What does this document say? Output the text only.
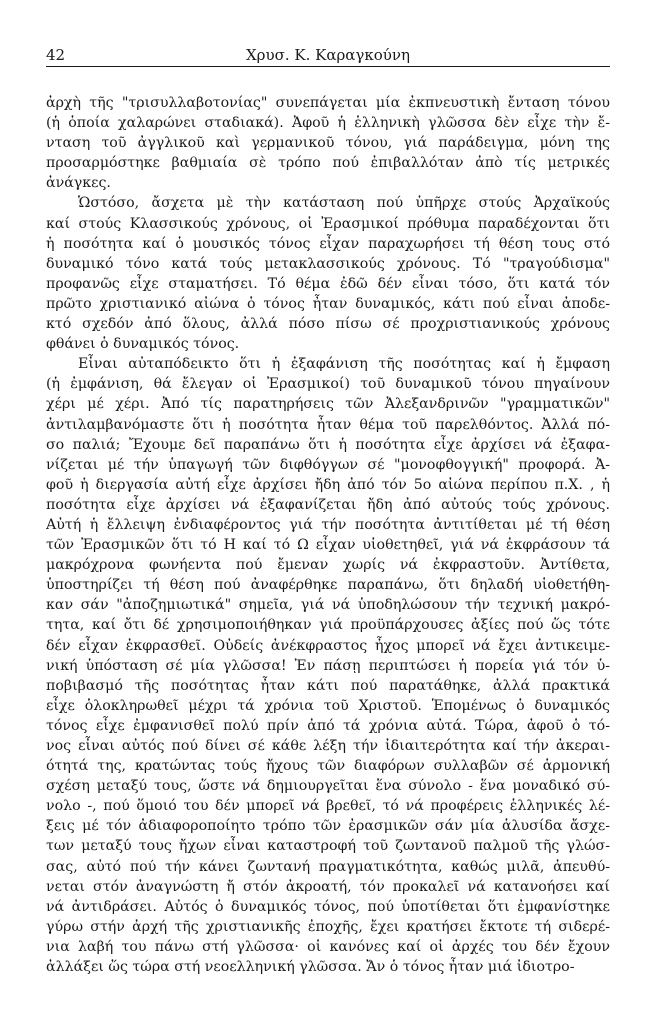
42	Χρυσ. Κ. Καραγκούνη
ἀρχὴ τῆς "τρισυλλαβοτονίας" συνεπάγεται μία ἐκπνευστικὴ ἔνταση τόνου
(ἡ ὁποία χαλαρώνει σταδιακά). Ἀφοῦ ἡ ἑλληνικὴ γλῶσσα δὲν εἶχε τὴν ἔ-
νταση τοῦ ἀγγλικοῦ καὶ γερμανικοῦ τόνου, γιά παράδειγμα, μόνη της
προσαρμόστηκε βαθμιαία σὲ τρόπο πού ἐπιβαλλόταν ἀπὸ τίς μετρικές
ἀνάγκες.
Ὡστόσο, ἄσχετα μὲ τὴν κατάσταση πού ὑπῆρχε στούς Ἀρχαϊκούς
καί στούς Κλασσικούς χρόνους, οἱ Ἐρασμικοί πρόθυμα παραδέχονται ὅτι
ἡ ποσότητα καί ὁ μουσικός τόνος εἶχαν παραχωρήσει τή θέση τους στό
δυναμικό τόνο κατά τούς μετακλασσικούς χρόνους. Τό "τραγούδισμα"
προφανῶς εἶχε σταματήσει. Τό θέμα ἐδῶ δέν εἶναι τόσο, ὅτι κατά τόν
πρῶτο χριστιανικό αἰώνα ὁ τόνος ἦταν δυναμικός, κάτι πού εἶναι ἀποδε-
κτό σχεδόν ἀπό ὅλους, ἀλλά πόσο πίσω σέ προχριστιανικούς χρόνους
φθάνει ὁ δυναμικός τόνος.
Εἶναι αὐταπόδεικτο ὅτι ἡ ἐξαφάνιση τῆς ποσότητας καί ἡ ἔμφαση
(ἡ ἐμφάνιση, θά ἔλεγαν οἱ Ἐρασμικοί) τοῦ δυναμικοῦ τόνου πηγαίνουν
χέρι μέ χέρι. Ἀπό τίς παρατηρήσεις τῶν Ἀλεξανδρινῶν "γραμματικῶν"
ἀντιλαμβανόμαστε ὅτι ἡ ποσότητα ἦταν θέμα τοῦ παρελθόντος. Ἀλλά πό-
σο παλιά; Ἔχουμε δεῖ παραπάνω ὅτι ἡ ποσότητα εἶχε ἀρχίσει νά ἐξαφα-
νίζεται μέ τήν ὑπαγωγή τῶν διφθόγγων σέ "μονοφθογγική" προφορά. Ἀ-
φοῦ ἡ διεργασία αὐτή εἶχε ἀρχίσει ἤδη ἀπό τόν 5ο αἰώνα περίπου π.Χ. , ἡ
ποσότητα εἶχε ἀρχίσει νά ἐξαφανίζεται ἤδη ἀπό αὐτούς τούς χρόνους.
Αὐτή ἡ ἔλλειψη ἐνδιαφέροντος γιά τήν ποσότητα ἀντιτίθεται μέ τή θέση
τῶν Ἐρασμικῶν ὅτι τό Η καί τό Ω εἶχαν υἱοθετηθεῖ, γιά νά ἐκφράσουν τά
μακρόχρονα φωνήεντα πού ἔμεναν χωρίς νά ἐκφραστοῦν. Ἀντίθετα,
ὑποστηρίζει τή θέση πού ἀναφέρθηκε παραπάνω, ὅτι δηλαδή υἱοθετήθη-
καν σάν "ἀποζημιωτικά" σημεῖα, γιά νά ὑποδηλώσουν τήν τεχνική μακρό-
τητα, καί ὄτι δέ χρησιμοποιήθηκαν γιά προϋπάρχουσες ἀξίες πού ὥς τότε
δέν εἶχαν ἐκφρασθεῖ. Οὐδείς ἀνέκφραστος ἦχος μπορεῖ νά ἔχει ἀντικειμε-
νική ὑπόσταση σέ μία γλῶσσα! Ἐν πάσῃ περιπτώσει ἡ πορεία γιά τόν ὑ-
ποβιβασμό τῆς ποσότητας ἦταν κάτι πού παρατάθηκε, ἀλλά πρακτικά
εἶχε ὁλοκληρωθεῖ μέχρι τά χρόνια τοῦ Χριστοῦ. Ἑπομένως ὁ δυναμικός
τόνος εἶχε ἐμφανισθεῖ πολύ πρίν ἀπό τά χρόνια αὐτά. Τώρα, ἀφοῦ ὁ τό-
νος εἶναι αὐτός πού δίνει σέ κάθε λέξη τήν ἰδιαιτερότητα καί τήν ἀκεραι-
ότητά της, κρατώντας τούς ἤχους τῶν διαφόρων συλλαβῶν σέ ἁρμονική
σχέση μεταξύ τους, ὥστε νά δημιουργεῖται ἕνα σύνολο - ἕνα μοναδικό σύ-
νολο -, πού ὅμοιό του δέν μπορεῖ νά βρεθεῖ, τό νά προφέρεις ἑλληνικές λέ-
ξεις μέ τόν ἀδιαφοροποίητο τρόπο τῶν ἐρασμικῶν σάν μία ἁλυσίδα ἄσχε-
των μεταξύ τους ἤχων εἶναι καταστροφή τοῦ ζωντανοῦ παλμοῦ τῆς γλώσ-
σας, αὐτό πού τήν κάνει ζωντανή πραγματικότητα, καθώς μιλᾶ, ἀπευθύ-
νεται στόν ἀναγνώστη ἤ στόν ἀκροατή, τόν προκαλεῖ νά κατανοήσει καί
νά ἀντιδράσει. Αὐτός ὁ δυναμικός τόνος, πού ὑποτίθεται ὅτι ἐμφανίστηκε
γύρω στήν ἀρχή τῆς χριστιανικῆς ἐποχῆς, ἔχει κρατήσει ἔκτοτε τή σιδερέ-
νια λαβή του πάνω στή γλῶσσα· οἱ κανόνες καί οἱ ἀρχές του δέν ἔχουν
ἀλλάξει ὥς τώρα στή νεοελληνική γλῶσσα. Ἄν ὁ τόνος ἦταν μιά ἰδιοτρο-
